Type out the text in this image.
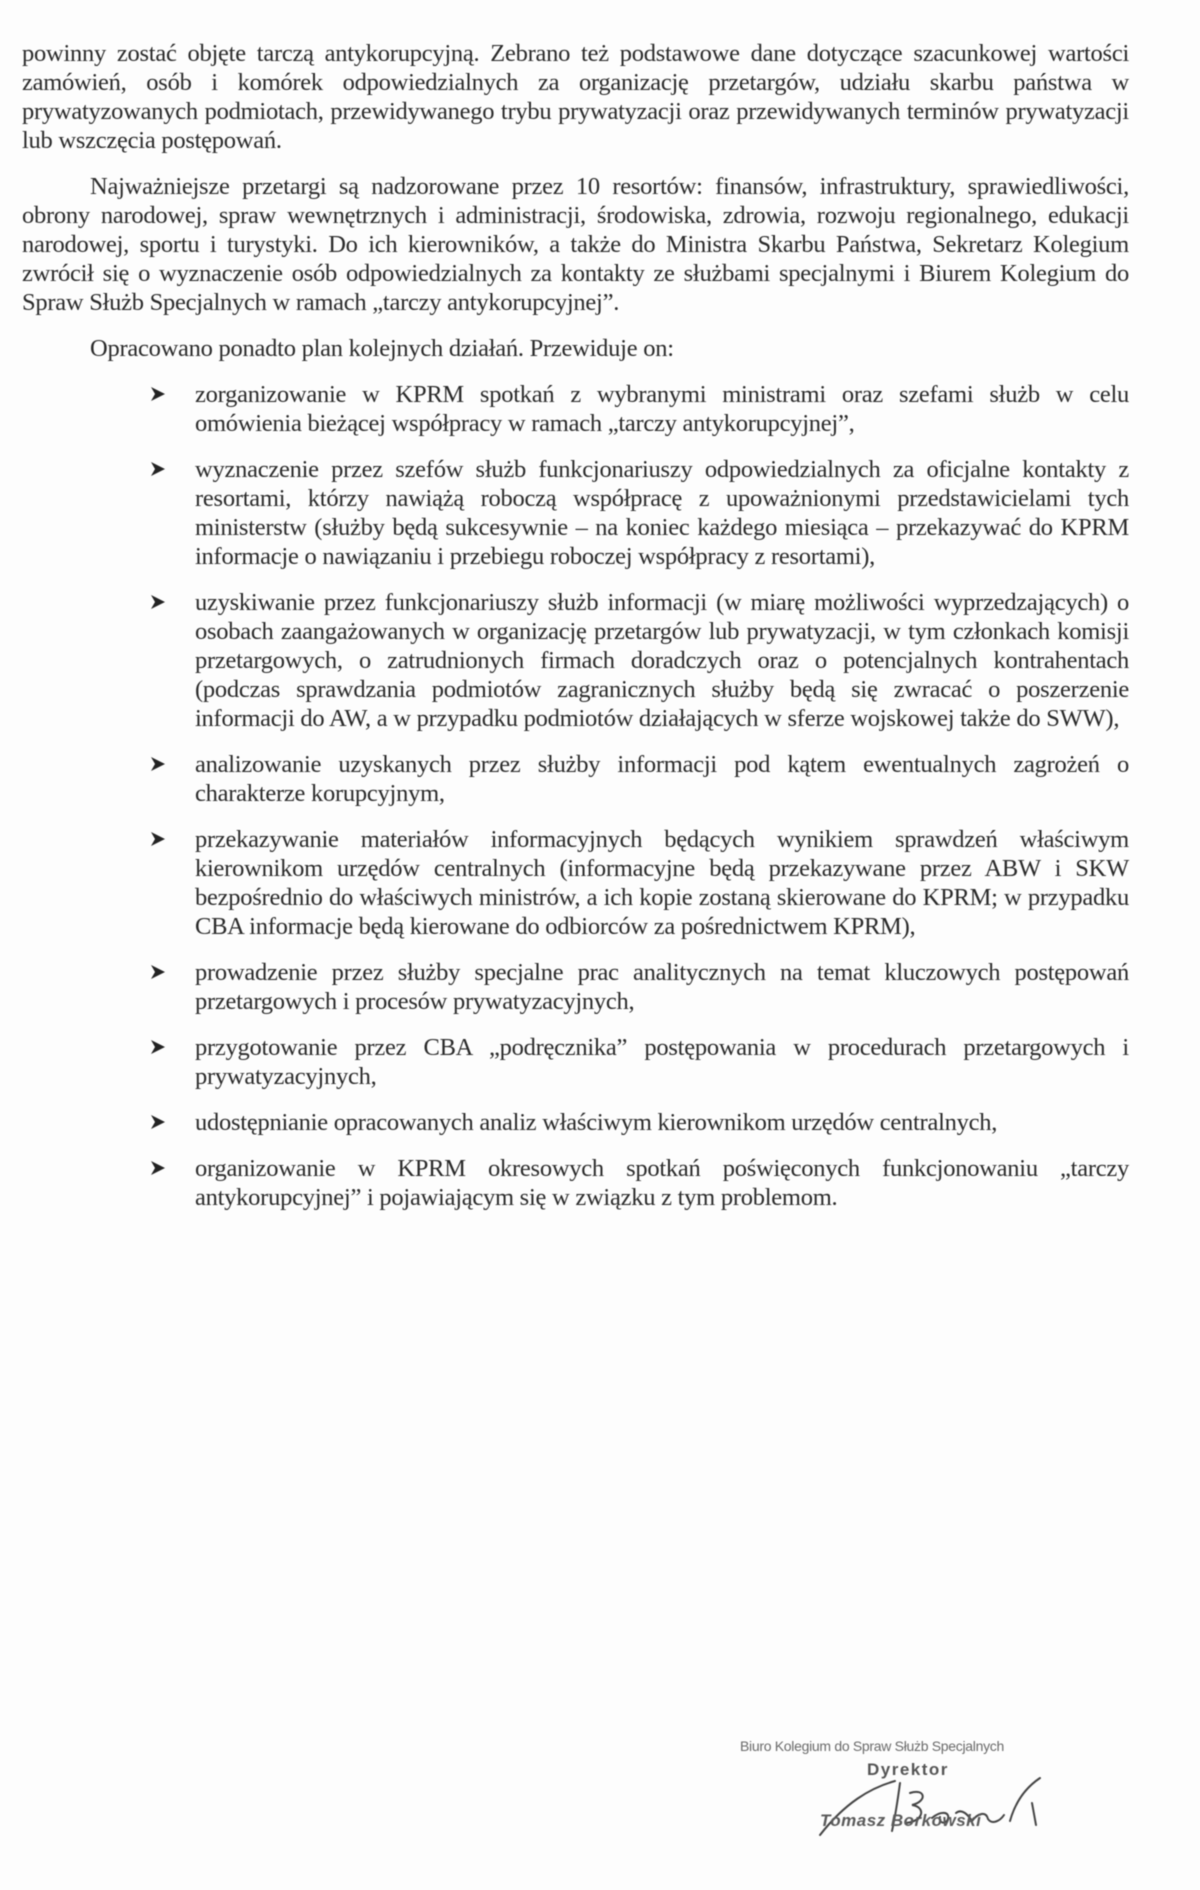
powinny zostać objęte tarczą antykorupcyjną. Zebrano też podstawowe dane dotyczące szacunkowej wartości zamówień, osób i komórek odpowiedzialnych za organizację przetargów, udziału skarbu państwa w prywatyzowanych podmiotach, przewidywanego trybu prywatyzacji oraz przewidywanych terminów prywatyzacji lub wszczęcia postępowań.

Najważniejsze przetargi są nadzorowane przez 10 resortów: finansów, infrastruktury, sprawiedliwości, obrony narodowej, spraw wewnętrznych i administracji, środowiska, zdrowia, rozwoju regionalnego, edukacji narodowej, sportu i turystyki. Do ich kierowników, a także do Ministra Skarbu Państwa, Sekretarz Kolegium zwrócił się o wyznaczenie osób odpowiedzialnych za kontakty ze służbami specjalnymi i Biurem Kolegium do Spraw Służb Specjalnych w ramach „tarczy antykorupcyjnej”.

Opracowano ponadto plan kolejnych działań. Przewiduje on:

zorganizowanie w KPRM spotkań z wybranymi ministrami oraz szefami służb w celu omówienia bieżącej współpracy w ramach „tarczy antykorupcyjnej”,
wyznaczenie przez szefów służb funkcjonariuszy odpowiedzialnych za oficjalne kontakty z resortami, którzy nawiążą roboczą współpracę z upoważnionymi przedstawicielami tych ministerstw (służby będą sukcesywnie – na koniec każdego miesiąca – przekazywać do KPRM informacje o nawiązaniu i przebiegu roboczej współpracy z resortami),
uzyskiwanie przez funkcjonariuszy służb informacji (w miarę możliwości wyprzedzających) o osobach zaangażowanych w organizację przetargów lub prywatyzacji, w tym członkach komisji przetargowych, o zatrudnionych firmach doradczych oraz o potencjalnych kontrahentach (podczas sprawdzania podmiotów zagranicznych służby będą się zwracać o poszerzenie informacji do AW, a w przypadku podmiotów działających w sferze wojskowej także do SWW),
analizowanie uzyskanych przez służby informacji pod kątem ewentualnych zagrożeń o charakterze korupcyjnym,
przekazywanie materiałów informacyjnych będących wynikiem sprawdzeń właściwym kierownikom urzędów centralnych (informacyjne będą przekazywane przez ABW i SKW bezpośrednio do właściwych ministrów, a ich kopie zostaną skierowane do KPRM; w przypadku CBA informacje będą kierowane do odbiorców za pośrednictwem KPRM),
prowadzenie przez służby specjalne prac analitycznych na temat kluczowych postępowań przetargowych i procesów prywatyzacyjnych,
przygotowanie przez CBA „podręcznika” postępowania w procedurach przetargowych i prywatyzacyjnych,
udostępnianie opracowanych analiz właściwym kierownikom urzędów centralnych,
organizowanie w KPRM okresowych spotkań poświęconych funkcjonowaniu „tarczy antykorupcyjnej” i pojawiającym się w związku z tym problemom.
Biuro Kolegium do Spraw Służb Specjalnych
Dyrektor
Tomasz Borkowski
